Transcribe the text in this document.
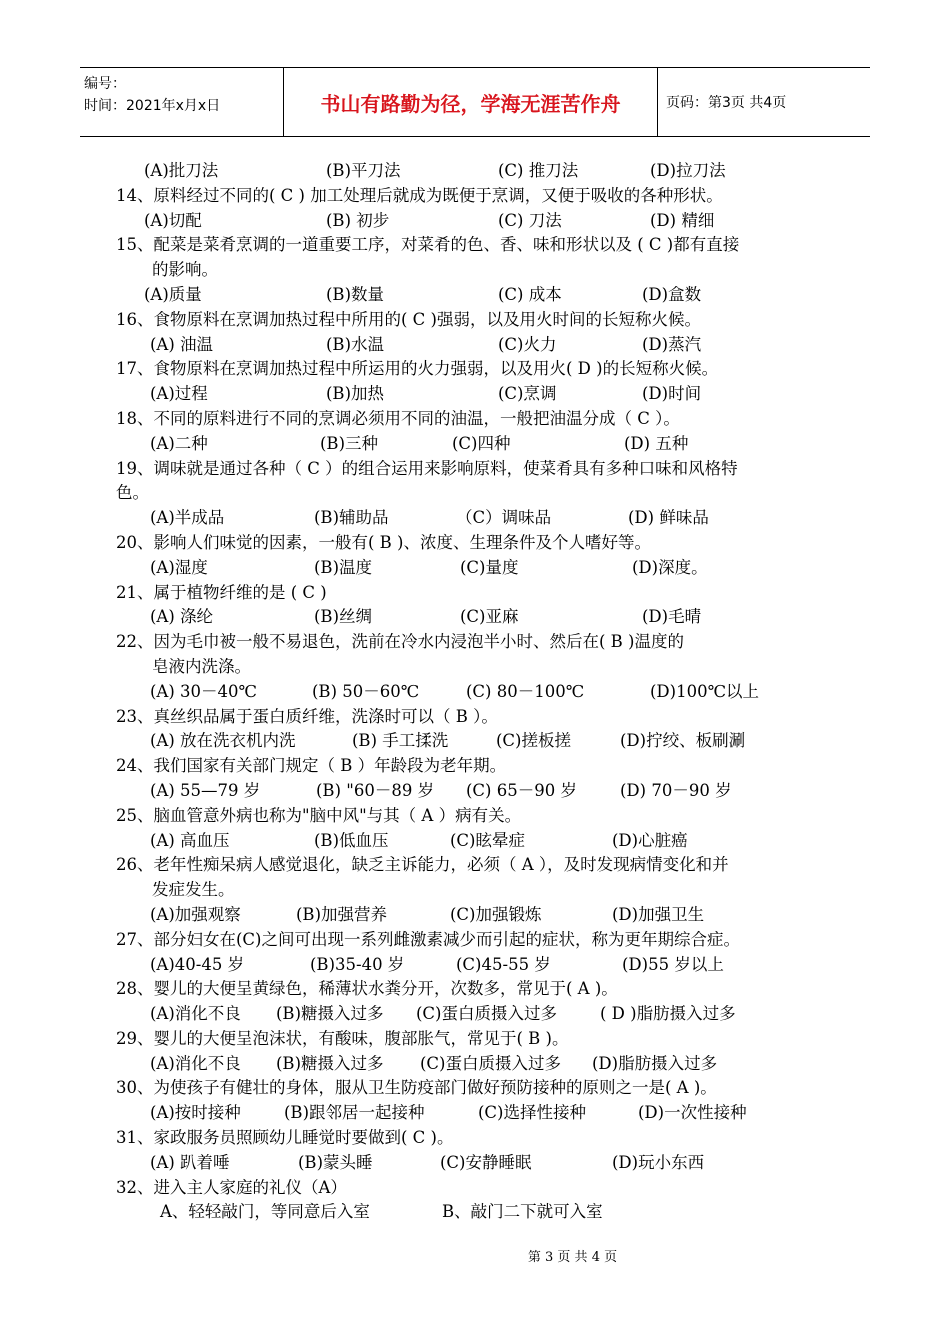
编号：
时间：2021年x月x日	书山有路勤为径，学海无涯苦作舟	页码：第3页 共4页
(A)批刀法	(B)平刀法	(C) 推刀法	(D)拉刀法
14、原料经过不同的( C ) 加工处理后就成为既便于烹调，又便于吸收的各种形状。
(A)切配	(B) 初步	(C) 刀法	(D) 精细
15、配菜是菜肴烹调的一道重要工序，对菜肴的色、香、味和形状以及 ( C )都有直接
的影响。
(A)质量	(B)数量	(C) 成本	(D)盒数
16、食物原料在烹调加热过程中所用的( C )强弱，以及用火时间的长短称火候。
(A) 油温	(B)水温	(C)火力	(D)蒸汽
17、食物原料在烹调加热过程中所运用的火力强弱，以及用火( D )的长短称火候。
(A)过程	(B)加热	(C)烹调	(D)时间
18、不同的原料进行不同的烹调必须用不同的油温，一般把油温分成（ C ）。
(A)二种	(B)三种	(C)四种	(D) 五种
19、调味就是通过各种（ C ）的组合运用来影响原料，使菜肴具有多种口味和风格特
色。
(A)半成品	(B)辅助品	（C）调味品	(D) 鲜味品
20、影响人们味觉的因素，一般有( B )、浓度、生理条件及个人嗜好等。
(A)湿度	(B)温度	(C)量度	(D)深度。
21、属于植物纤维的是 ( C )
(A) 涤纶	(B)丝绸	(C)亚麻	(D)毛晴
22、因为毛巾被一般不易退色，洗前在冷水内浸泡半小时、然后在( B )温度的
皂液内洗涤。
(A) 30－40℃	(B) 50－60℃	(C) 80－100℃	(D)100℃以上
23、真丝织品属于蛋白质纤维，洗涤时可以（ B ）。
(A) 放在洗衣机内洗	(B) 手工揉洗	(C)搓板搓	(D)拧绞、板刷涮
24、我们国家有关部门规定（ B ）年龄段为老年期。
(A) 55—79 岁	(B) "60－89 岁 (C) 65－90 岁	(D) 70－90 岁
25、脑血管意外病也称为"脑中风"与其（ A ）病有关。
(A) 高血压	(B)低血压	(C)眩晕症	(D)心脏癌
26、老年性痴呆病人感觉退化，缺乏主诉能力，必须（ A ），及时发现病情变化和并
发症发生。
(A)加强观察	(B)加强营养	(C)加强锻炼	(D)加强卫生
27、部分妇女在(C)之间可出现一系列雌激素减少而引起的症状，称为更年期综合症。
(A)40-45 岁	(B)35-40 岁	(C)45-55 岁	(D)55 岁以上
28、婴儿的大便呈黄绿色，稀薄状水粪分开，次数多，常见于( A )。
(A)消化不良 (B)糖摄入过多 (C)蛋白质摄入过多	( D )脂肪摄入过多
29、婴儿的大便呈泡沫状，有酸味，腹部胀气，常见于( B )。
(A)消化不良 (B)糖摄入过多 (C)蛋白质摄入过多 (D)脂肪摄入过多
30、为使孩子有健壮的身体，服从卫生防疫部门做好预防接种的原则之一是( A )。
(A)按时接种	(B)跟邻居一起接种	(C)选择性接种	(D)一次性接种
31、家政服务员照顾幼儿睡觉时要做到( C )。
(A) 趴着唾	(B)蒙头睡	(C)安静睡眠	(D)玩小东西
32、进入主人家庭的礼仪（A）
A、轻轻敲门，等同意后入室	B、敲门二下就可入室
第 3 页 共 4 页
